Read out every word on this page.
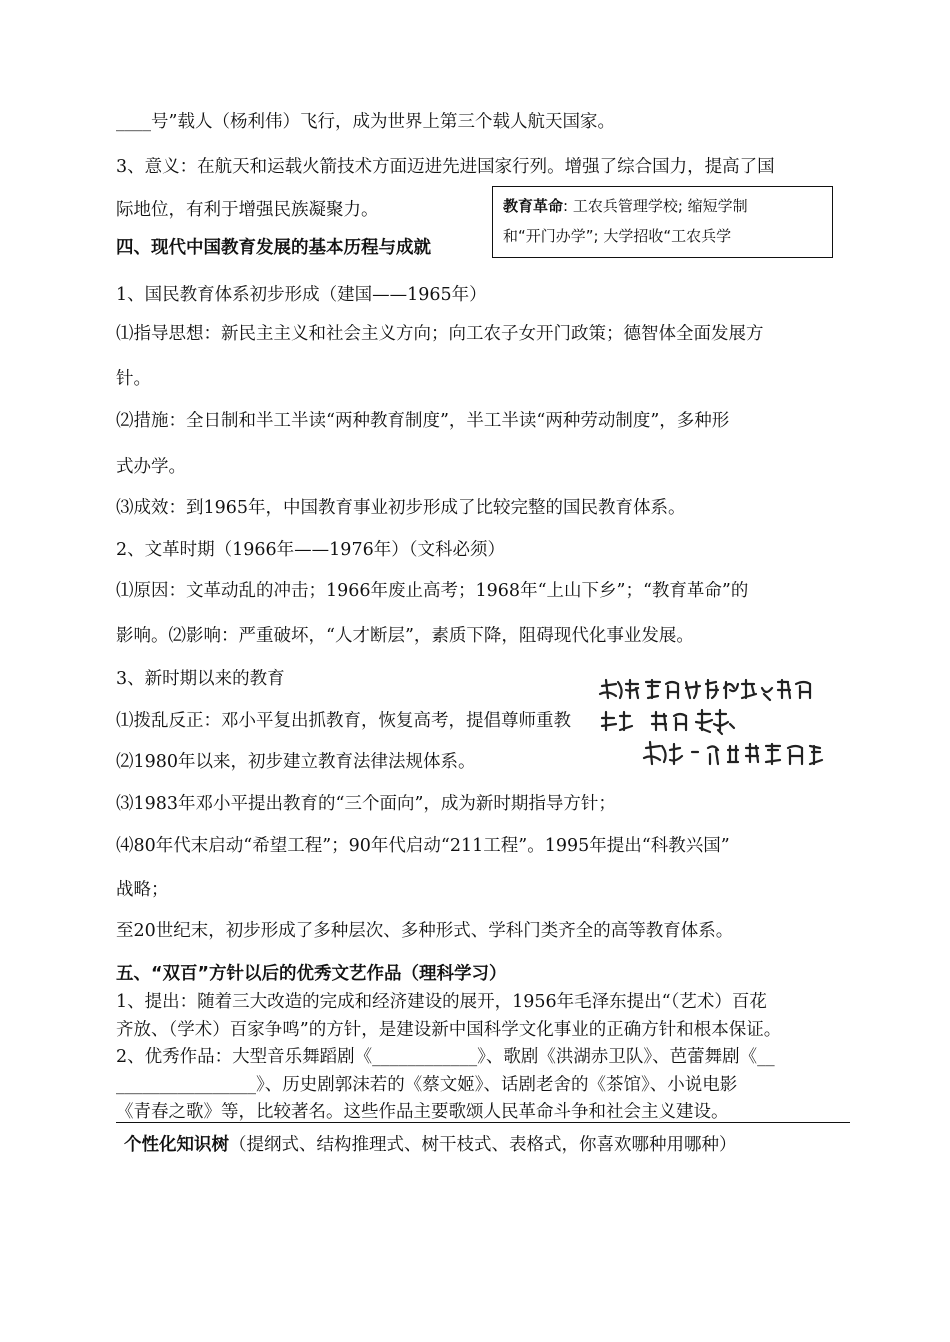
____号”载人（杨利伟）飞行，成为世界上第三个载人航天国家。
3、意义：在航天和运载火箭技术方面迈进先进国家行列。增强了综合国力，提高了国
际地位，有利于增强民族凝聚力。
四、现代中国教育发展的基本历程与成就
1、国民教育体系初步形成（建国——1965年）
⑴指导思想：新民主主义和社会主义方向；向工农子女开门政策；德智体全面发展方
针。
⑵措施：全日制和半工半读“两种教育制度”，半工半读“两种劳动制度”，多种形
式办学。
⑶成效：到1965年，中国教育事业初步形成了比较完整的国民教育体系。
2、文革时期（1966年——1976年）（文科必须）
⑴原因：文革动乱的冲击；1966年废止高考；1968年“上山下乡”；“教育革命”的
影响。⑵影响：严重破坏，“人才断层”，素质下降，阻碍现代化事业发展。
3、新时期以来的教育
⑴拨乱反正：邓小平复出抓教育，恢复高考，提倡尊师重教
⑵1980年以来，初步建立教育法律法规体系。
⑶1983年邓小平提出教育的“三个面向”，成为新时期指导方针；
⑷80年代末启动“希望工程”；90年代启动“211工程”。1995年提出“科教兴国”
战略；
至20世纪末，初步形成了多种层次、多种形式、学科门类齐全的高等教育体系。
五、“双百”方针以后的优秀文艺作品（理科学习）
1、提出：随着三大改造的完成和经济建设的展开，1956年毛泽东提出“（艺术）百花
齐放、（学术）百家争鸣”的方针，是建设新中国科学文化事业的正确方针和根本保证。
2、优秀作品：大型音乐舞蹈剧《____________》、歌剧《洪湖赤卫队》、芭蕾舞剧《__
________________》、历史剧郭沫若的《蔡文姬》、话剧老舍的《茶馆》、小说电影
《青春之歌》等，比较著名。这些作品主要歌颂人民革命斗争和社会主义建设。
个性化知识树（提纲式、结构推理式、树干枝式、表格式，你喜欢哪种用哪种）
教育革命: 工农兵管理学校; 缩短学制
和“开门办学”; 大学招收“工农兵学
